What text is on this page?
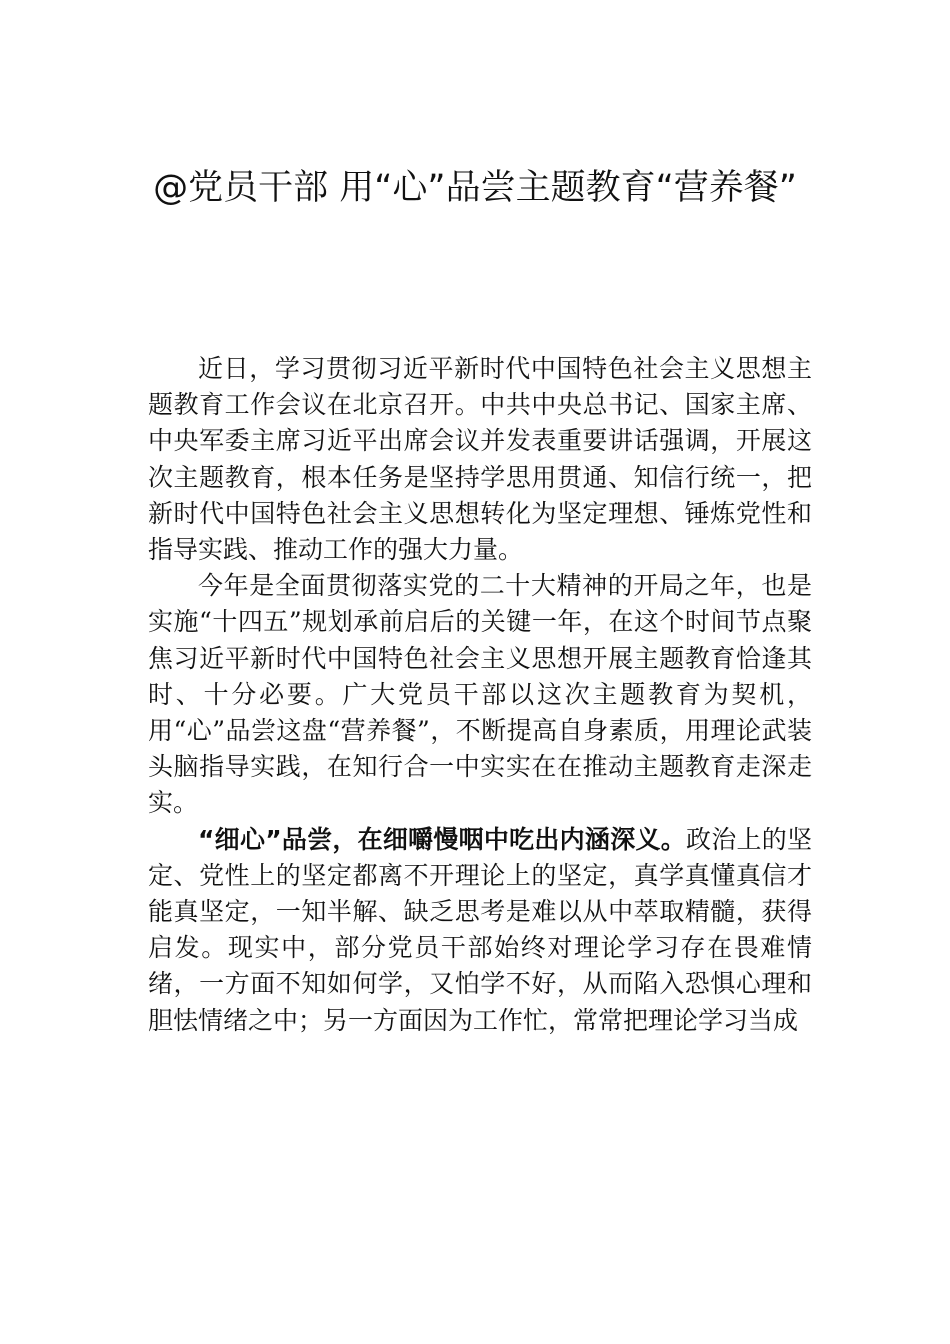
@党员干部 用“心”品尝主题教育“营养餐”

近日，学习贯彻习近平新时代中国特色社会主义思想主题教育工作会议在北京召开。中共中央总书记、国家主席、 中央军委主席习近平出席会议并发表重要讲话强调，开展这次主题教育，根本任务是坚持学思用贯通、知信行统一，把新时代中国特色社会主义思想转化为坚定理想、锤炼党性和指导实践、推动工作的强大力量。

今年是全面贯彻落实党的二十大精神的开局之年，也是实施“十四五”规划承前启后的关键一年，在这个时间节点聚焦习近平新时代中国特色社会主义思想开展主题教育恰逢其时、十分必要。广大党员干部以这次主题教育为契机， 用“心”品尝这盘“营养餐”，不断提高自身素质，用理论武装头脑指导实践，在知行合一中实实在在推动主题教育走深走实。

“细心”品尝，在细嚼慢咽中吃出内涵深义。政治上的坚定、党性上的坚定都离不开理论上的坚定，真学真懂真信才能真坚定，一知半解、缺乏思考是难以从中萃取精髓，获得启发。现实中，部分党员干部始终对理论学习存在畏难情绪，一方面不知如何学，又怕学不好，从而陷入恐惧心理和胆怯情绪之中；另一方面因为工作忙，常常把理论学习当成
